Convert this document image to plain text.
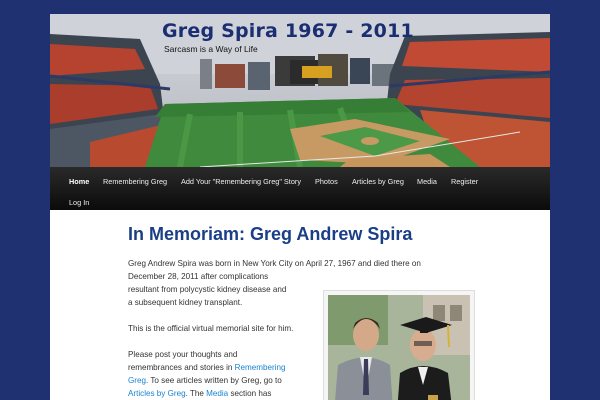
Greg Spira 1967 - 2011
Sarcasm is a Way of Life
Home Remembering Greg Add Your "Remembering Greg" Story Photos Articles by Greg Media Register
Log In
In Memoriam: Greg Andrew Spira
Greg Andrew Spira was born in New York City on April 27, 1967 and died there on
December 28, 2011 after complications
resultant from polycystic kidney disease and
a subsequent kidney transplant.
This is the official virtual memorial site for him.
Please post your thoughts and
remembrances and stories in Remembering
Greg. To see articles written by Greg, go to
Articles by Greg. The Media section has
